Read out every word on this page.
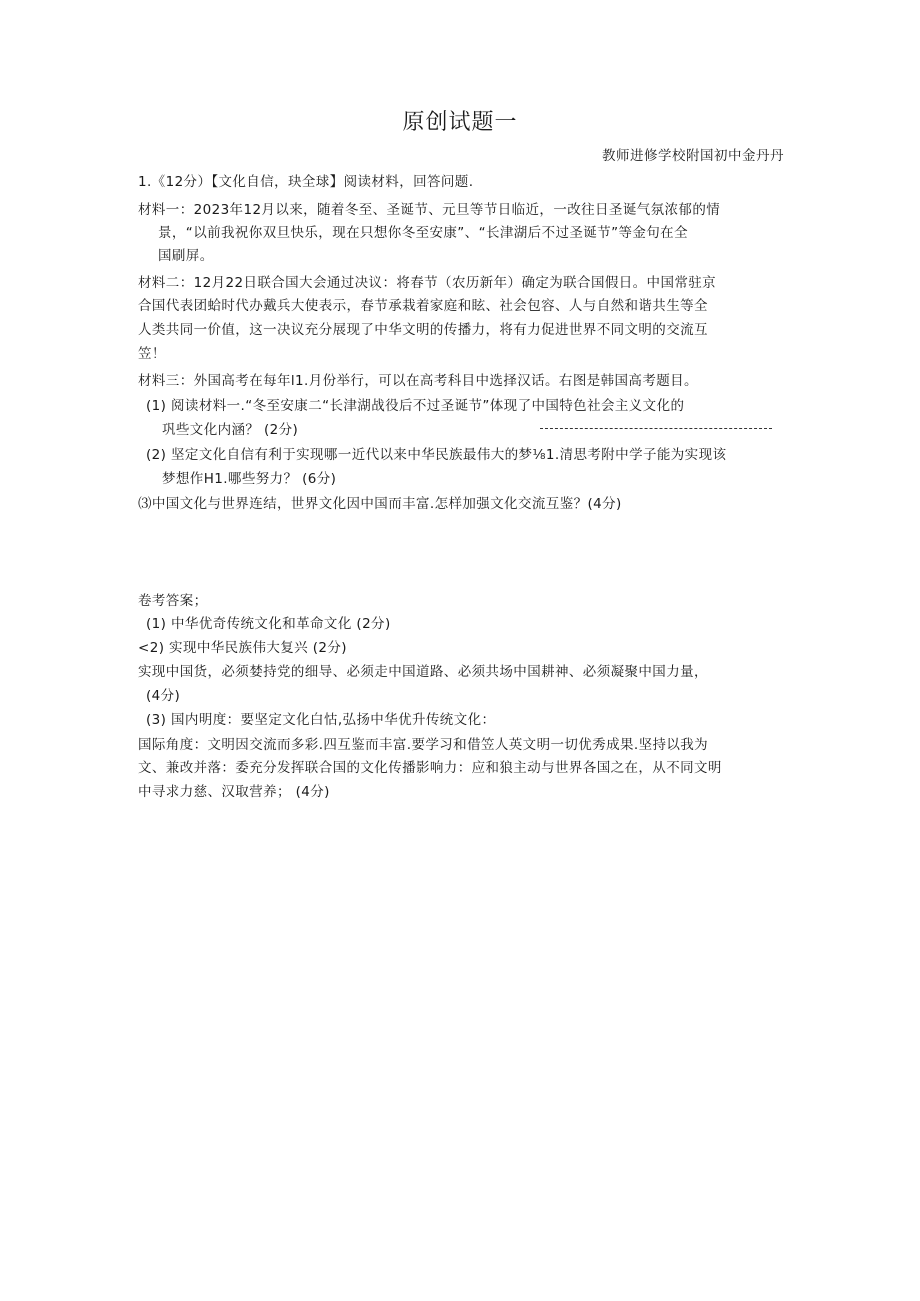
原创试题一
教师进修学校附国初中金丹丹
1.《12分）【文化自信，玦全球】阅读材料，回答问题.
材料一：2023年12月以来，随着冬至、圣诞节、元旦等节日临近，一改往日圣诞气氛浓郁的情
景，“以前我祝你双旦快乐，现在只想你冬至安康”、“长津湖后不过圣诞节”等金句在全
国刷屏。
材料二：12月22日联合国大会通过决议：将春节（农历新年）确定为联合国假日。中国常驻京
合国代表团蛤时代办戴兵大使表示，春节承栽着家庭和眩、社会包容、人与自然和谐共生等全
人类共同一价值，这一决议充分展现了中华文明的传播力，将有力促进世界不同文明的交流互
笠！
材料三：外国高考在每年l1.月份举行，可以在高考科目中选择汉话。右图是韩国高考题目。
(1) 阅读材料一.“冬至安康二“长津湖战役后不过圣诞节”体现了中国特色社会主义文化的
巩些文化内涵？ (2分)
(2) 坚定文化自信有利于实现哪一近代以来中华民族最伟大的梦⅛1.清思考附中学子能为实现该
梦想作H1.哪些努力？ (6分)
⑶中国文化与世界连结，世界文化因中国而丰富.怎样加强文化交流互鉴？(4分)
卷考答案；
(1) 中华优奇传统文化和革命文化 (2分)
<2) 实现中华民族伟大复兴 (2分)
实现中国货，必须婪持党的细导、必须走中国道路、必须共场中国耕神、必须凝聚中国力量，
(4分)
(3) 国内明度：要坚定文化白怙,弘扬中华优升传统文化：
国际角度：文明因交流而多彩.四互鉴而丰富.要学习和借笠人英文明一切优秀成果.坚持以我为
文、兼改并落：委充分发挥联合国的文化传播影响力：应和狼主动与世界各国之在，从不同文明
中寻求力慈、汉取营养； (4分)
